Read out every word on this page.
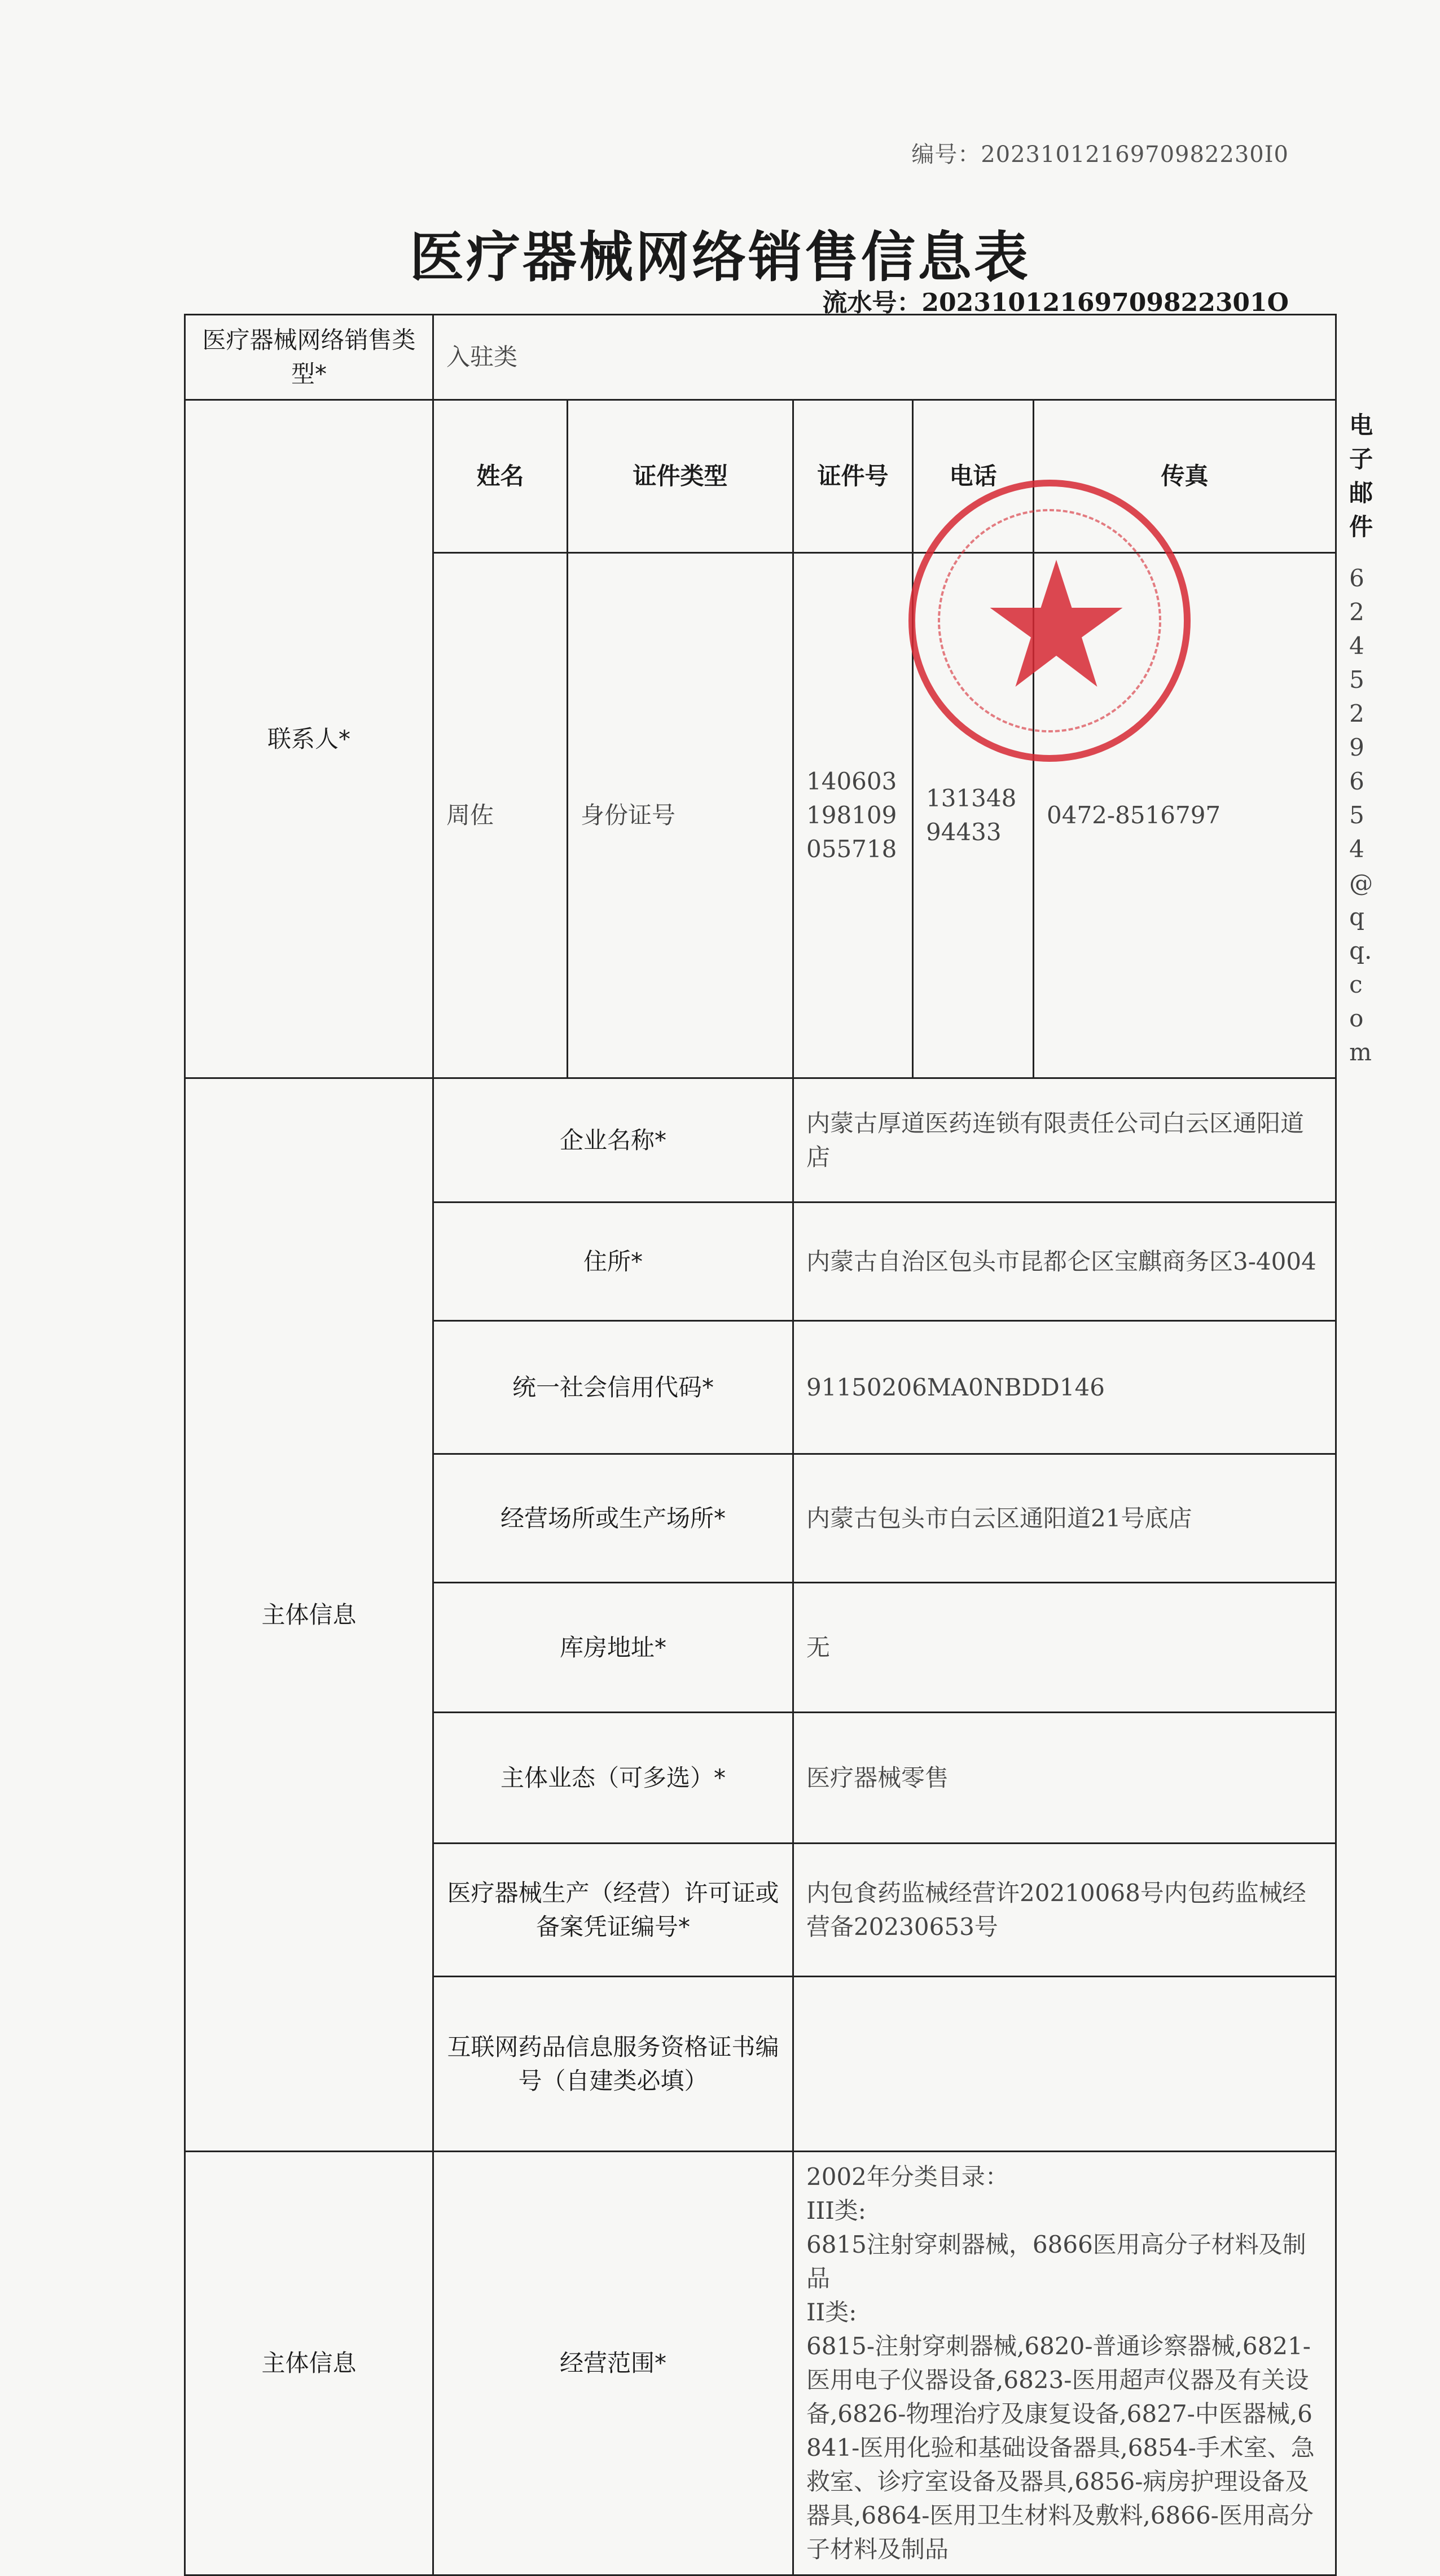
编号：2023101216970982230I0
医疗器械网络销售信息表
流水号：20231012169709822301O
医疗器械网络销售类型*	入驻类					
联系人*	姓名	证件类型	证件号	电话	传真	电子邮件
	周佐	身份证号	140603198109055718	13134894433	0472-8516797	624529654@qq.com
主体信息	企业名称*		内蒙古厚道医药连锁有限责任公司白云区通阳道店			
	住所*		内蒙古自治区包头市昆都仑区宝麒商务区3-4004			
	统一社会信用代码*		91150206MA0NBDD146			
	经营场所或生产场所*		内蒙古包头市白云区通阳道21号底店			
	库房地址*		无			
	主体业态（可多选）*		医疗器械零售			
	医疗器械生产（经营）许可证或备案凭证编号*		内包食药监械经营许20210068号内包药监械经营备20230653号			
	互联网药品信息服务资格证书编号（自建类必填）					
主体信息	经营范围*		2002年分类目录：

III类:

6815注射穿刺器械，6866医用高分子材料及制品

II类:

6815-注射穿刺器械,6820-普通诊察器械,6821-医用电子仪器设备,6823-医用超声仪器及有关设备,6826-物理治疗及康复设备,6827-中医器械,6841-医用化验和基础设备器具,6854-手术室、急救室、诊疗室设备及器具,6856-病房护理设备及器具,6864-医用卫生材料及敷料,6866-医用高分子材料及制品			
